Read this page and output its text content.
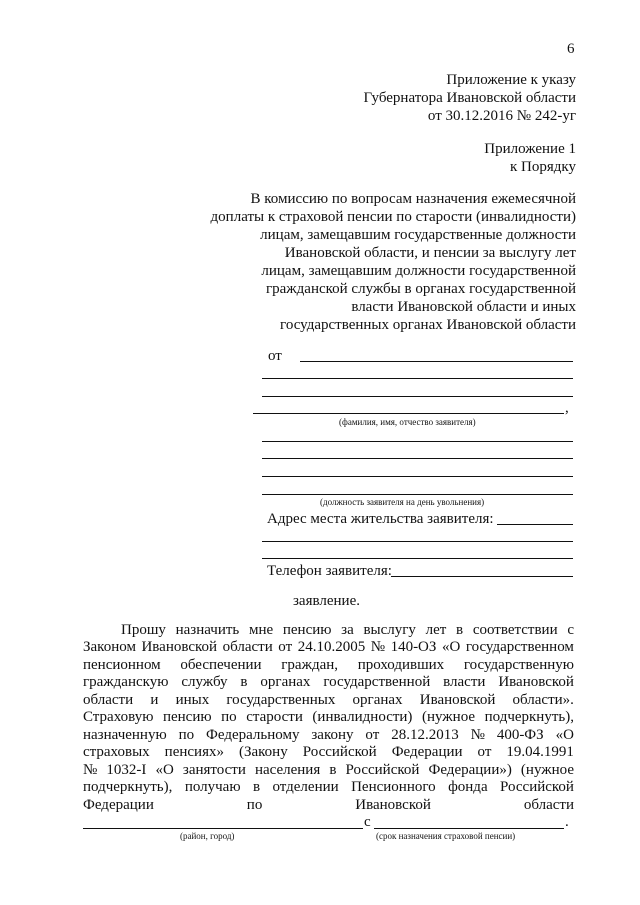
6
Приложение к указу
Губернатора Ивановской области
от 30.12.2016 № 242-уг
Приложение 1
к Порядку
В комиссию по вопросам назначения ежемесячной
доплаты к страховой пенсии по старости (инвалидности)
лицам, замещавшим государственные должности
Ивановской области, и пенсии за выслугу лет
лицам, замещавшим должности государственной
гражданской службы в органах государственной
власти Ивановской области и иных
государственных органах Ивановской области
от
,
(фамилия, имя, отчество заявителя)
(должность заявителя на день увольнения)
Адрес места жительства заявителя:
Телефон заявителя:
заявление.
Прошу назначить мне пенсию за выслугу лет в соответствии с
Законом Ивановской области от 24.10.2005 № 140-ОЗ «О государственном
пенсионном обеспечении граждан, проходивших государственную
гражданскую службу в органах государственной власти Ивановской
области и иных государственных органах Ивановской области».
Страховую пенсию по старости (инвалидности) (нужное подчеркнуть),
назначенную по Федеральному закону от 28.12.2013 № 400-ФЗ «О
страховых пенсиях» (Закону Российской Федерации от 19.04.1991
№ 1032-I «О занятости населения в Российской Федерации») (нужное
подчеркнуть), получаю в отделении Пенсионного фонда Российской
Федерации	по	Ивановской	области
с	.
(район, город)	(срок назначения страховой пенсии)
